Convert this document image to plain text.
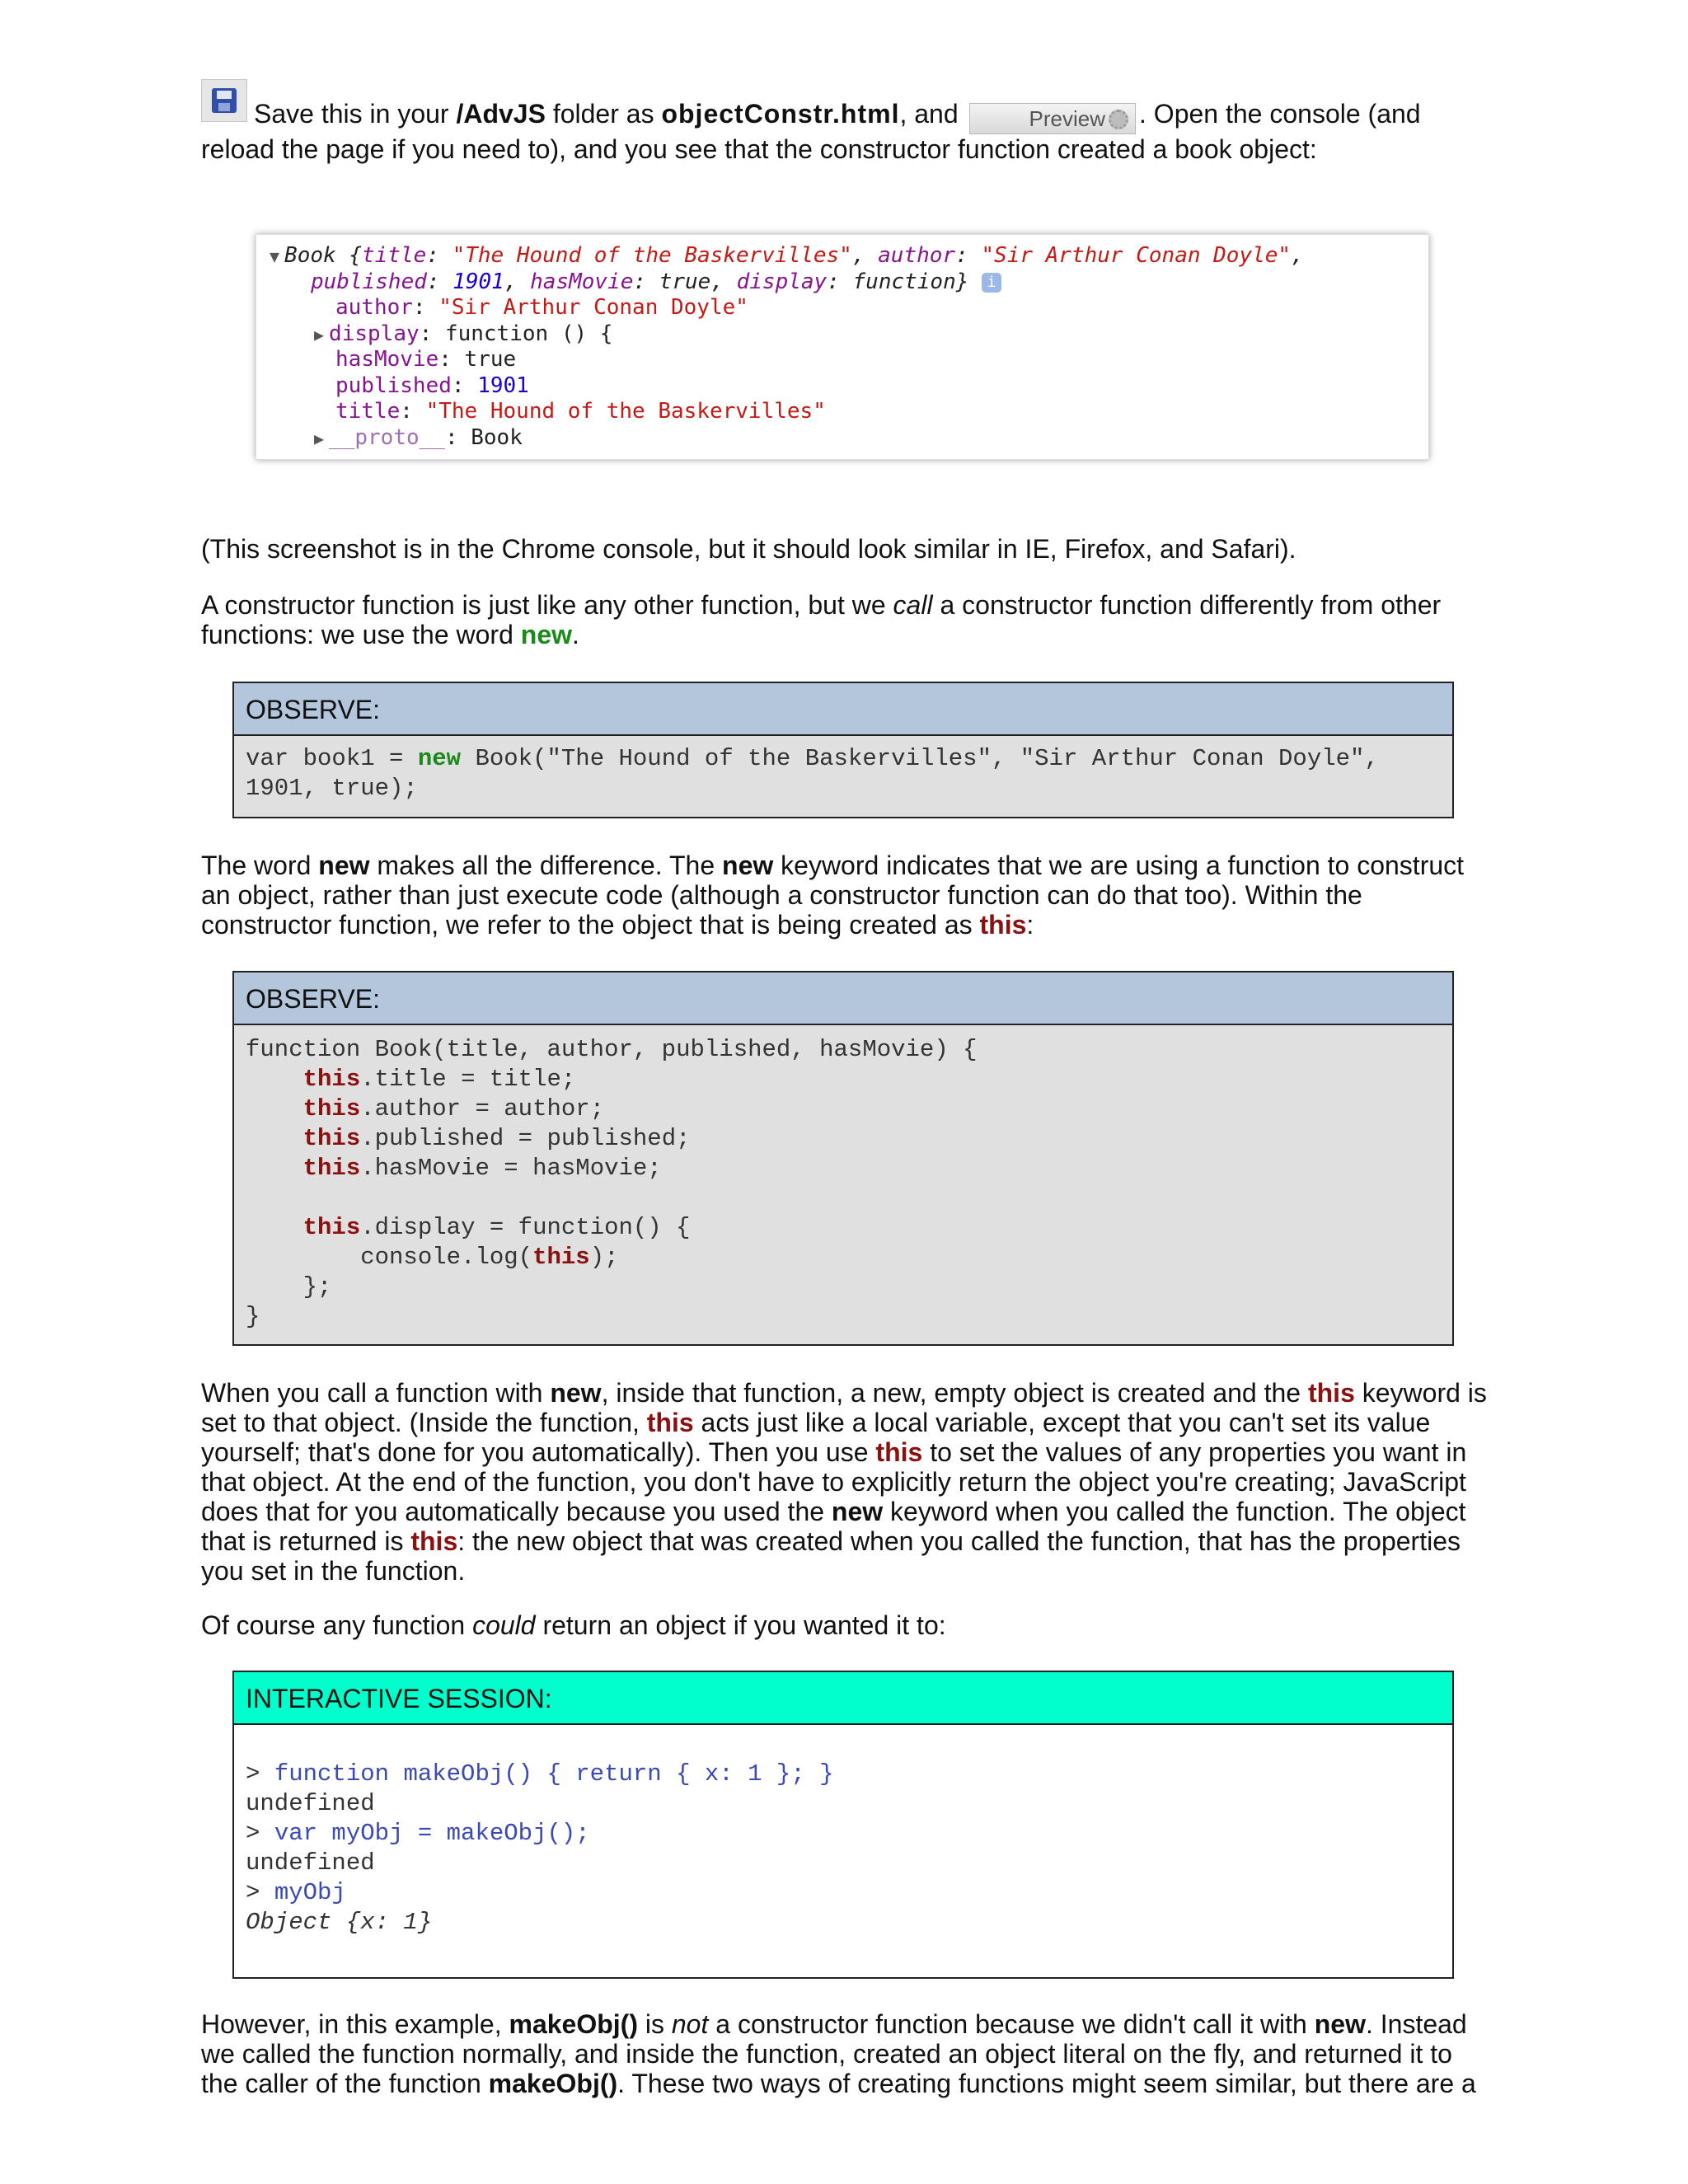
Save this in your /AdvJS folder as objectConstr.html, and	Preview . Open the console (and reload the page if you need to), and you see that the constructor function created a book object:

▼ Book {title: "The Hound of the Baskervilles", author: "Sir Arthur Conan Doyle",
published: 1901, hasMovie: true, display: function} i
author: "Sir Arthur Conan Doyle"
▶ display: function () {
hasMovie: true
published: 1901
title: "The Hound of the Baskervilles"
▶ __proto__: Book

(This screenshot is in the Chrome console, but it should look similar in IE, Firefox, and Safari).

A constructor function is just like any other function, but we call a constructor function differently from other functions: we use the word new.

OBSERVE:
var book1 = new Book("The Hound of the Baskervilles", "Sir Arthur Conan Doyle",
1901, true);

The word new makes all the difference. The new keyword indicates that we are using a function to construct an object, rather than just execute code (although a constructor function can do that too). Within the constructor function, we refer to the object that is being created as this:

OBSERVE:
function Book(title, author, published, hasMovie) {
this.title = title;
this.author = author;
this.published = published;
this.hasMovie = hasMovie;
this.display = function() {
console.log(this);
};
}

When you call a function with new, inside that function, a new, empty object is created and the this keyword is set to that object. (Inside the function, this acts just like a local variable, except that you can't set its value yourself; that's done for you automatically). Then you use this to set the values of any properties you want in that object. At the end of the function, you don't have to explicitly return the object you're creating; JavaScript does that for you automatically because you used the new keyword when you called the function. The object that is returned is this: the new object that was created when you called the function, that has the properties you set in the function.

Of course any function could return an object if you wanted it to:

INTERACTIVE SESSION:
> function makeObj() { return { x: 1 }; }
undefined
> var myObj = makeObj();
undefined
> myObj
Object {x: 1}

However, in this example, makeObj() is not a constructor function because we didn't call it with new. Instead we called the function normally, and inside the function, created an object literal on the fly, and returned it to the caller of the function makeObj(). These two ways of creating functions might seem similar, but there are a
